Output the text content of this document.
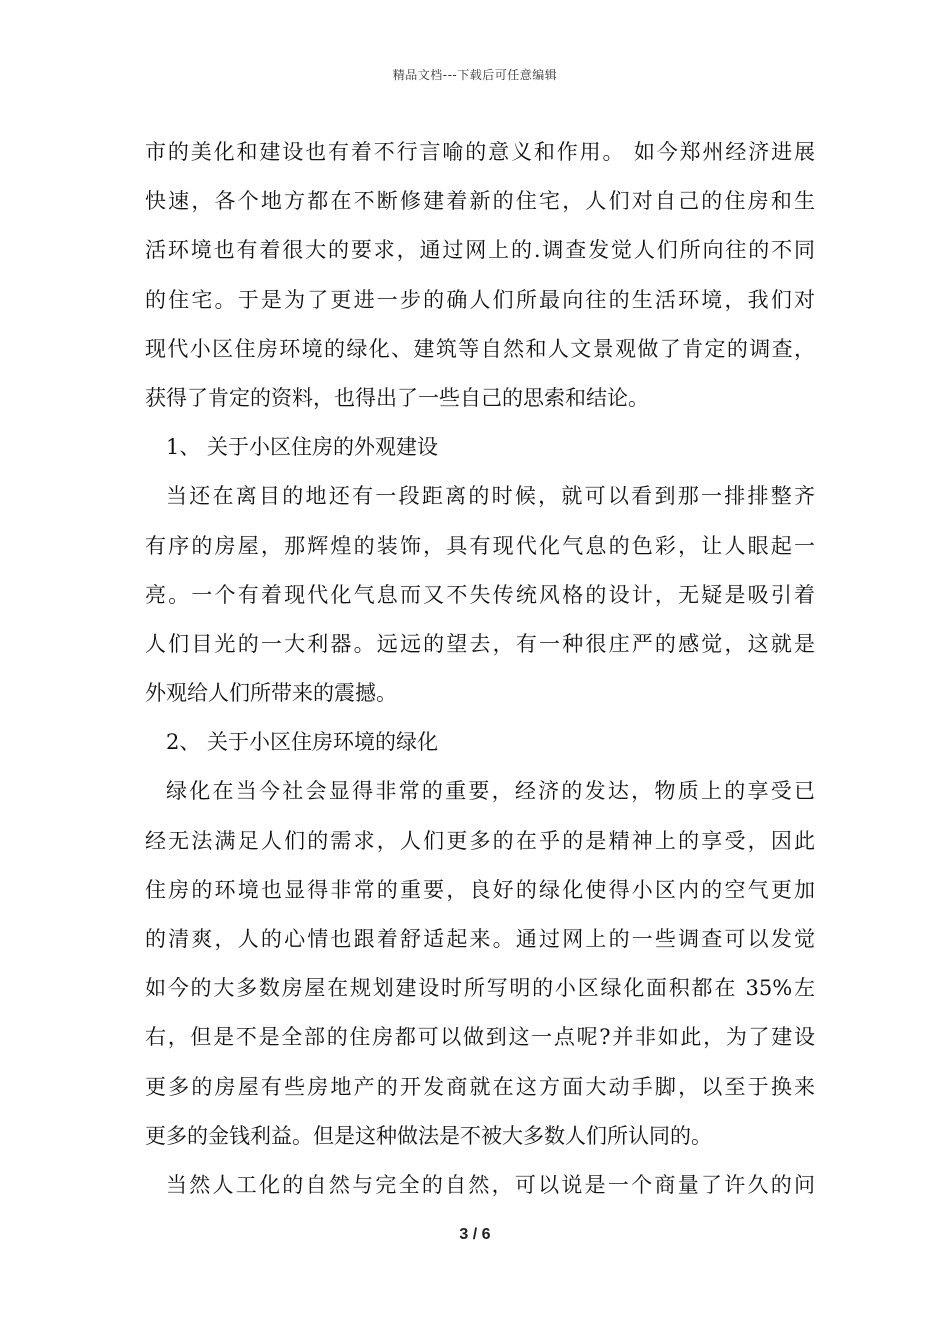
精品文档---下载后可任意编辑
市的美化和建设也有着不行言喻的意义和作用。 如今郑州经济进展
快速，各个地方都在不断修建着新的住宅，人们对自己的住房和生
活环境也有着很大的要求，通过网上的.调查发觉人们所向往的不同
的住宅。于是为了更进一步的确人们所最向往的生活环境，我们对
现代小区住房环境的绿化、建筑等自然和人文景观做了肯定的调查，
获得了肯定的资料，也得出了一些自己的思索和结论。
1、 关于小区住房的外观建设
当还在离目的地还有一段距离的时候，就可以看到那一排排整齐
有序的房屋，那辉煌的装饰，具有现代化气息的色彩，让人眼起一
亮。一个有着现代化气息而又不失传统风格的设计，无疑是吸引着
人们目光的一大利器。远远的望去，有一种很庄严的感觉，这就是
外观给人们所带来的震撼。
2、 关于小区住房环境的绿化
绿化在当今社会显得非常的重要，经济的发达，物质上的享受已
经无法满足人们的需求，人们更多的在乎的是精神上的享受，因此
住房的环境也显得非常的重要，良好的绿化使得小区内的空气更加
的清爽，人的心情也跟着舒适起来。通过网上的一些调查可以发觉
如今的大多数房屋在规划建设时所写明的小区绿化面积都在 35%左
右，但是不是全部的住房都可以做到这一点呢?并非如此，为了建设
更多的房屋有些房地产的开发商就在这方面大动手脚，以至于换来
更多的金钱利益。但是这种做法是不被大多数人们所认同的。
当然人工化的自然与完全的自然，可以说是一个商量了许久的问
3 / 6
